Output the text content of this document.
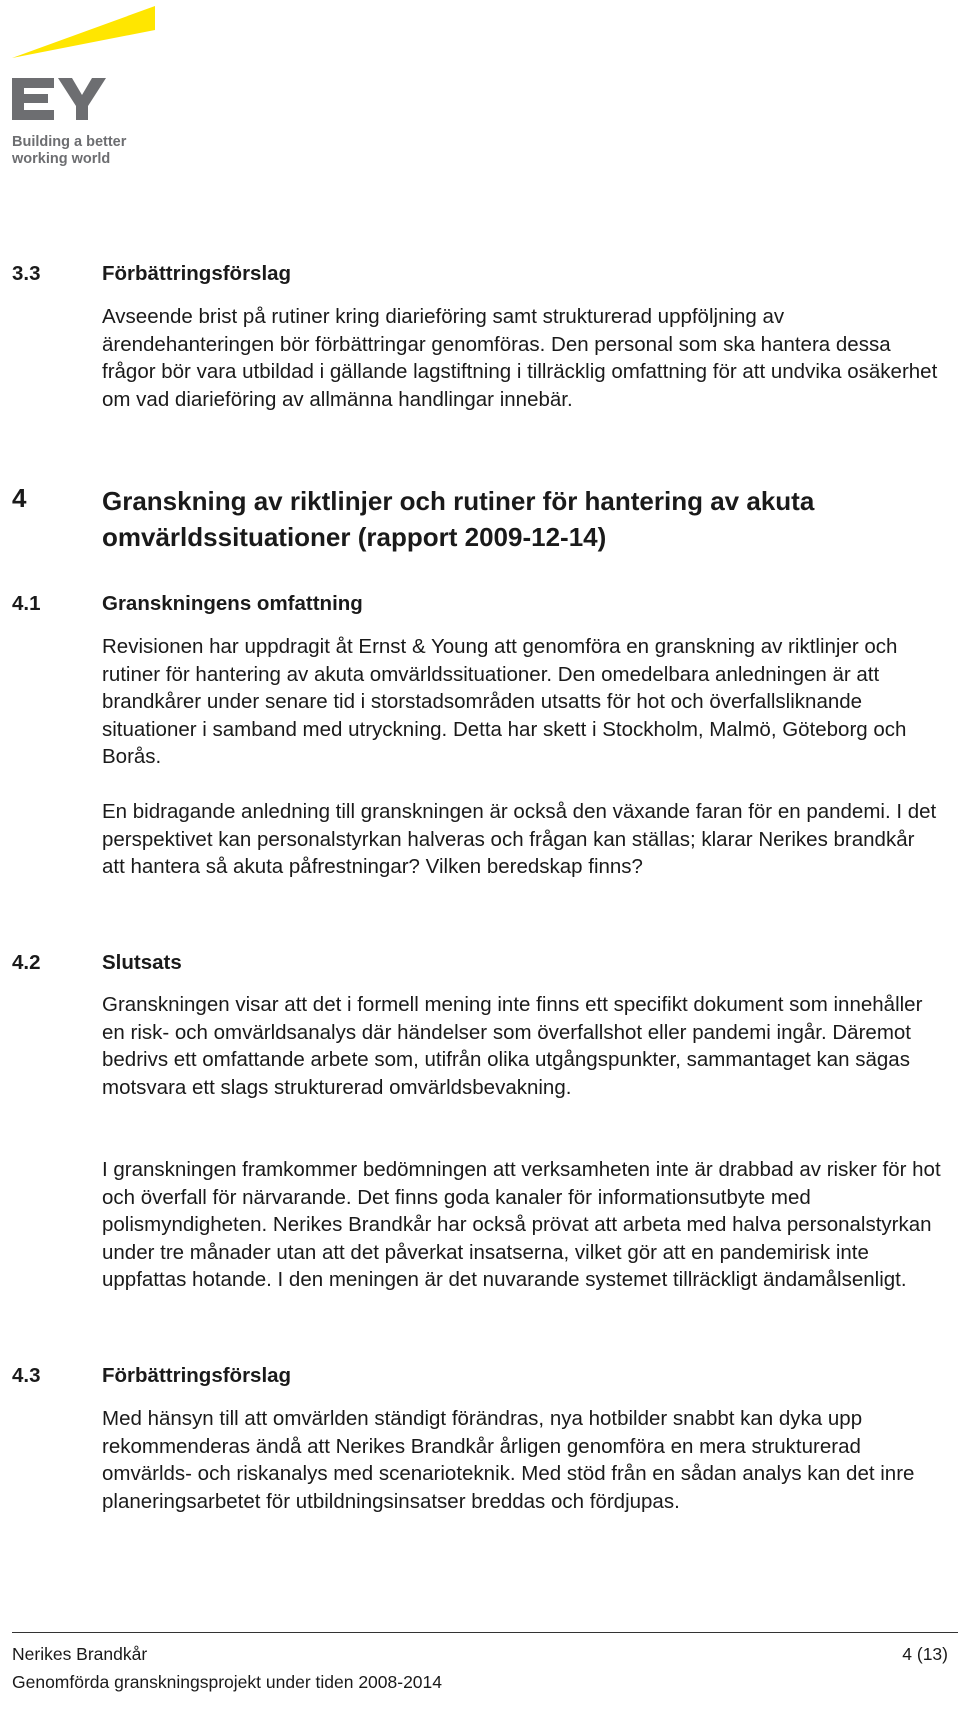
Building a better
working world
3.3	Förbättringsförslag

Avseende brist på rutiner kring diarieföring samt strukturerad uppföljning av ärendehanteringen bör förbättringar genomföras. Den personal som ska hantera dessa frågor bör vara utbildad i gällande lagstiftning i tillräcklig omfattning för att undvika osäkerhet om vad diarieföring av allmänna handlingar innebär.

4	Granskning av riktlinjer och rutiner för hantering av akuta omvärldssituationer (rapport 2009-12-14)
4.1	Granskningens omfattning

Revisionen har uppdragit åt Ernst & Young att genomföra en granskning av riktlinjer och rutiner för hantering av akuta omvärldssituationer. Den omedelbara anledningen är att brandkårer under senare tid i storstadsområden utsatts för hot och överfallsliknande situationer i samband med utryckning. Detta har skett i Stockholm, Malmö, Göteborg och Borås.

En bidragande anledning till granskningen är också den växande faran för en pandemi. I det perspektivet kan personalstyrkan halveras och frågan kan ställas; klarar Nerikes brandkår att hantera så akuta påfrestningar? Vilken beredskap finns?

4.2	Slutsats

Granskningen visar att det i formell mening inte finns ett specifikt dokument som innehåller en risk- och omvärldsanalys där händelser som överfallshot eller pandemi ingår. Däremot bedrivs ett omfattande arbete som, utifrån olika utgångspunkter, sammantaget kan sägas motsvara ett slags strukturerad omvärldsbevakning.

I granskningen framkommer bedömningen att verksamheten inte är drabbad av risker för hot och överfall för närvarande. Det finns goda kanaler för informationsutbyte med polismyndigheten. Nerikes Brandkår har också prövat att arbeta med halva personalstyrkan under tre månader utan att det påverkat insatserna, vilket gör att en pandemirisk inte uppfattas hotande. I den meningen är det nuvarande systemet tillräckligt ändamålsenligt.

4.3	Förbättringsförslag

Med hänsyn till att omvärlden ständigt förändras, nya hotbilder snabbt kan dyka upp rekommenderas ändå att Nerikes Brandkår årligen genomföra en mera strukturerad omvärlds- och riskanalys med scenarioteknik. Med stöd från en sådan analys kan det inre planeringsarbetet för utbildningsinsatser breddas och fördjupas.

Nerikes Brandkår
Genomförda granskningsprojekt under tiden 2008-2014
4 (13)
